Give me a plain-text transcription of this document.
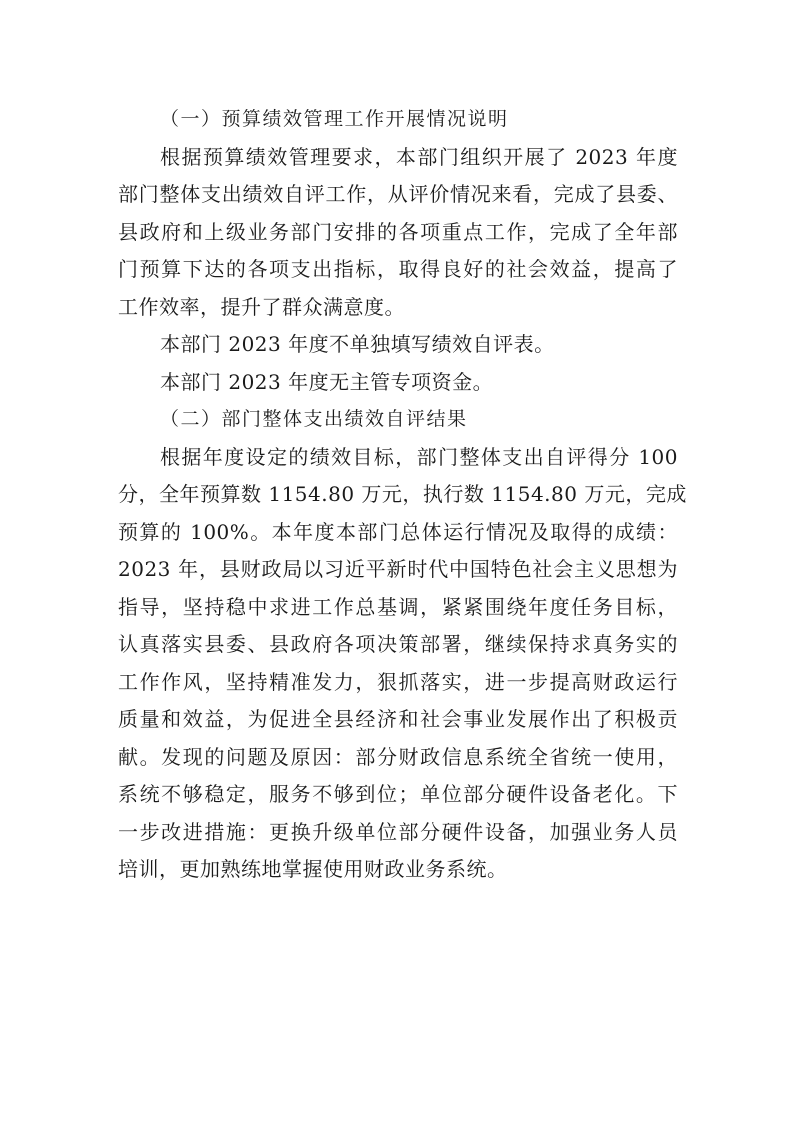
（一）预算绩效管理工作开展情况说明
根据预算绩效管理要求，本部门组织开展了 2023 年度
部门整体支出绩效自评工作，从评价情况来看，完成了县委、
县政府和上级业务部门安排的各项重点工作，完成了全年部
门预算下达的各项支出指标，取得良好的社会效益，提高了
工作效率，提升了群众满意度。
本部门 2023 年度不单独填写绩效自评表。
本部门 2023 年度无主管专项资金。
（二）部门整体支出绩效自评结果
根据年度设定的绩效目标，部门整体支出自评得分 100
分，全年预算数 1154.80 万元，执行数 1154.80 万元，完成
预算的 100%。本年度本部门总体运行情况及取得的成绩：
2023 年，县财政局以习近平新时代中国特色社会主义思想为
指导，坚持稳中求进工作总基调，紧紧围绕年度任务目标，
认真落实县委、县政府各项决策部署，继续保持求真务实的
工作作风，坚持精准发力，狠抓落实，进一步提高财政运行
质量和效益，为促进全县经济和社会事业发展作出了积极贡
献。发现的问题及原因：部分财政信息系统全省统一使用，
系统不够稳定，服务不够到位；单位部分硬件设备老化。下
一步改进措施：更换升级单位部分硬件设备，加强业务人员
培训，更加熟练地掌握使用财政业务系统。
